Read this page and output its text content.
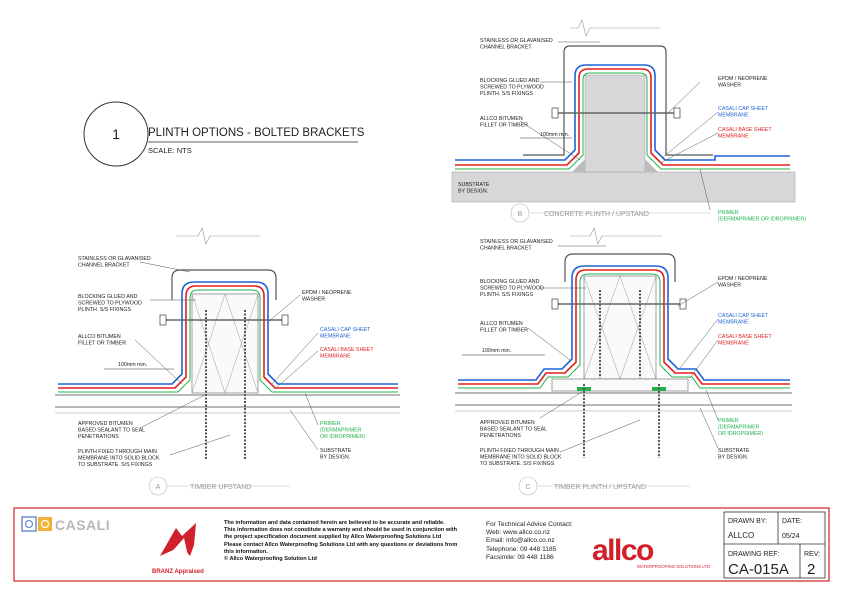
1 PLINTH OPTIONS - BOLTED BRACKETS
SCALE: NTS
100mm min.
STAINLESS OR GLAVANISED CHANNEL BRACKET
BLOCKING GLUED AND SCREWED TO PLYWOOD PLINTH. S/S FIXINGS
ALLCO BITUMEN FILLET OR TIMBER
SUBSTRATE BY DESIGN.
EPDM / NEOPRENE WASHER
CASALI CAP SHEET MEMBRANE
CASALI BASE SHEET MEMBRANE
PRIMER (DERMAPRIMER OR IDROPRIMER)
B	CONCRETE PLINTH / UPSTAND
100mm min.
STAINLESS OR GLAVANISED CHANNEL BRACKET
BLOCKING GLUED AND SCREWED TO PLYWOOD PLINTH. S/S FIXINGS
ALLCO BITUMEN FILLET OR TIMBER
APPROVED BITUMEN BASED SEALANT TO SEAL PENETRATIONS
PLINTH FIXED THROUGH MAIN MEMBRANE INTO SOLID BLOCK TO SUBSTRATE. S/S FIXINGS
EPDM / NEOPRENE WASHER
CASALI CAP SHEET MEMBRANE
CASALI BASE SHEET MEMBRANE
PRIMER (DERMAPRIMER OR IDROPRIMER)
SUBSTRATE BY DESIGN.
A	TIMBER UPSTAND
100mm min.
STAINLESS OR GLAVANISED CHANNEL BRACKET
BLOCKING GLUED AND SCREWED TO PLYWOOD PLINTH. S/S FIXINGS
ALLCO BITUMEN FILLET OR TIMBER
APPROVED BITUMEN BASED SEALANT TO SEAL PENETRATIONS
PLINTH FIXED THROUGH MAIN MEMBRANE INTO SOLID BLOCK TO SUBSTRATE. S/S FIXINGS
EPDM / NEOPRENE WASHER
CASALI CAP SHEET MEMBRANE
CASALI BASE SHEET MEMBRANE
PRIMER (DERMAPRIMER OR IDROPRIMER)
SUBSTRATE BY DESIGN.
C	TIMBER PLINTH / UPSTAND
CASALI
BRANZ Appraised
allco
WATERPROOFING SOLUTIONS LTD
DRAWN BY:
ALLCO
DATE:
05/24
DRAWING REF:
CA-015A
REV:
2
The information and data contained herein are believed to be accurate and reliable.
This information does not constitute a warranty and should be used in conjunction with
the project specification document supplied by Allco Waterproofing Solutions Ltd
Please contact Allco Waterproofing Solutions Ltd with any questions or deviations from
this information.
© Allco Waterproofing Solution Ltd
For Technical Advice Contact:
Web: www.allco.co.nz
Email: info@allco.co.nz
Telephone: 09 448 1185
Facsimile: 09 448 1186
